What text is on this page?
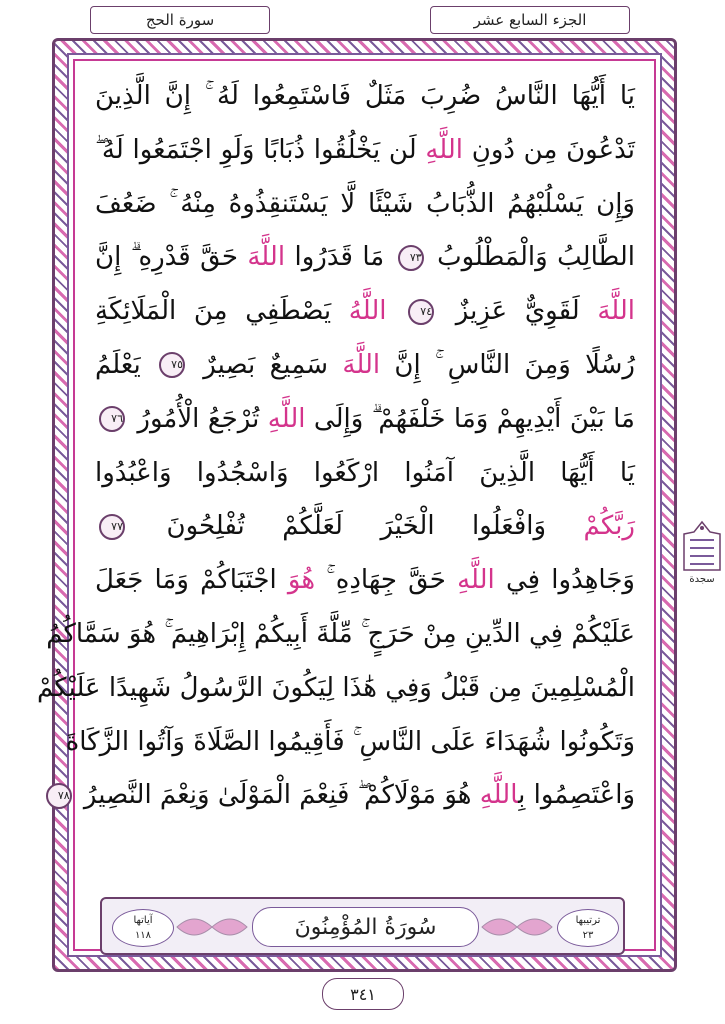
الجزء السابع عشر
سورة الحج
يَا أَيُّهَا النَّاسُ ضُرِبَ مَثَلٌ فَاسْتَمِعُوا لَهُ ۚ إِنَّ الَّذِينَ
تَدْعُونَ مِن دُونِ اللَّهِ لَن يَخْلُقُوا ذُبَابًا وَلَوِ اجْتَمَعُوا لَهُ ۖ
وَإِن يَسْلُبْهُمُ الذُّبَابُ شَيْئًا لَّا يَسْتَنقِذُوهُ مِنْهُ ۚ ضَعُفَ
الطَّالِبُ وَالْمَطْلُوبُ ٧٣ مَا قَدَرُوا اللَّهَ حَقَّ قَدْرِهِ ۗ إِنَّ
اللَّهَ لَقَوِيٌّ عَزِيزٌ ٧٤ اللَّهُ يَصْطَفِي مِنَ الْمَلَائِكَةِ
رُسُلًا وَمِنَ النَّاسِ ۚ إِنَّ اللَّهَ سَمِيعٌ بَصِيرٌ ٧٥ يَعْلَمُ
مَا بَيْنَ أَيْدِيهِمْ وَمَا خَلْفَهُمْ ۗ وَإِلَى اللَّهِ تُرْجَعُ الْأُمُورُ ٧٦
يَا أَيُّهَا الَّذِينَ آمَنُوا ارْكَعُوا وَاسْجُدُوا وَاعْبُدُوا
رَبَّكُمْ وَافْعَلُوا الْخَيْرَ لَعَلَّكُمْ تُفْلِحُونَ ٧٧
وَجَاهِدُوا فِي اللَّهِ حَقَّ جِهَادِهِ ۚ هُوَ اجْتَبَاكُمْ وَمَا جَعَلَ
عَلَيْكُمْ فِي الدِّينِ مِنْ حَرَجٍ ۚ مِّلَّةَ أَبِيكُمْ إِبْرَاهِيمَ ۚ هُوَ سَمَّاكُمُ
الْمُسْلِمِينَ مِن قَبْلُ وَفِي هَٰذَا لِيَكُونَ الرَّسُولُ شَهِيدًا عَلَيْكُمْ
وَتَكُونُوا شُهَدَاءَ عَلَى النَّاسِ ۚ فَأَقِيمُوا الصَّلَاةَ وَآتُوا الزَّكَاةَ
وَاعْتَصِمُوا بِاللَّهِ هُوَ مَوْلَاكُمْ ۖ فَنِعْمَ الْمَوْلَىٰ وَنِعْمَ النَّصِيرُ ٧٨
سجدة
ترتيبها
٢٣
سُورَةُ المُؤْمِنُونَ
آياتها
١١٨
٣٤١
